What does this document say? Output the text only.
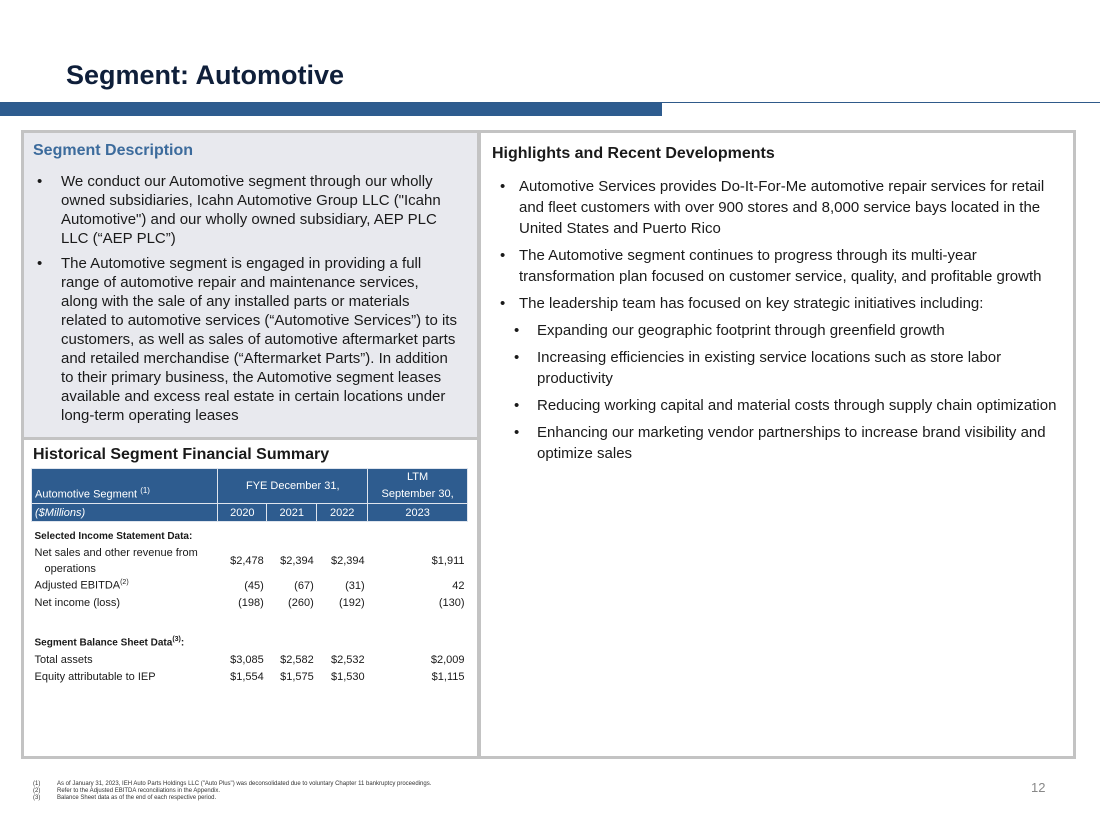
Segment: Automotive
Segment Description
• We conduct our Automotive segment through our wholly owned subsidiaries, Icahn Automotive Group LLC ("Icahn Automotive") and our wholly owned subsidiary, AEP PLC LLC (“AEP PLC”)
• The Automotive segment is engaged in providing a full range of automotive repair and maintenance services, along with the sale of any installed parts or materials related to automotive services (“Automotive Services”) to its customers, as well as sales of automotive aftermarket parts and retailed merchandise (“Aftermarket Parts”). In addition to their primary business, the Automotive segment leases available and excess real estate in certain locations under long-term operating leases
Historical Segment Financial Summary
Automotive Segment $^{(1)}$	FYE December 31,			LTM
September 30,
($Millions)	2020	2021	2022	2023
Selected Income Statement Data:				
Net sales and other revenue from
operations	$2,478	$2,394	$2,394	$1,911
Adjusted EBITDA$^{(2)}$	(45)	(67)	(31)	42
Net income (loss)	(198)	(260)	(192)	(130)

Segment Balance Sheet Data$^{(3)}$:				
Total assets	$3,085	$2,582	$2,532	$2,009
Equity attributable to IEP	$1,554	$1,575	$1,530	$1,115
Highlights and Recent Developments
• Automotive Services provides Do-It-For-Me automotive repair services for retail and fleet customers with over 900 stores and 8,000 service bays located in the United States and Puerto Rico
• The Automotive segment continues to progress through its multi-year transformation plan focused on customer service, quality, and profitable growth
• The leadership team has focused on key strategic initiatives including:
• Expanding our geographic footprint through greenfield growth
• Increasing efficiencies in existing service locations such as store labor productivity
• Reducing working capital and material costs through supply chain optimization
• Enhancing our marketing vendor partnerships to increase brand visibility and optimize sales
(1)	As of January 31, 2023, IEH Auto Parts Holdings LLC ("Auto Plus") was deconsolidated due to voluntary Chapter 11 bankruptcy proceedings.
(2)	Refer to the Adjusted EBITDA reconciliations in the Appendix.
(3)	Balance Sheet data as of the end of each respective period.
12
